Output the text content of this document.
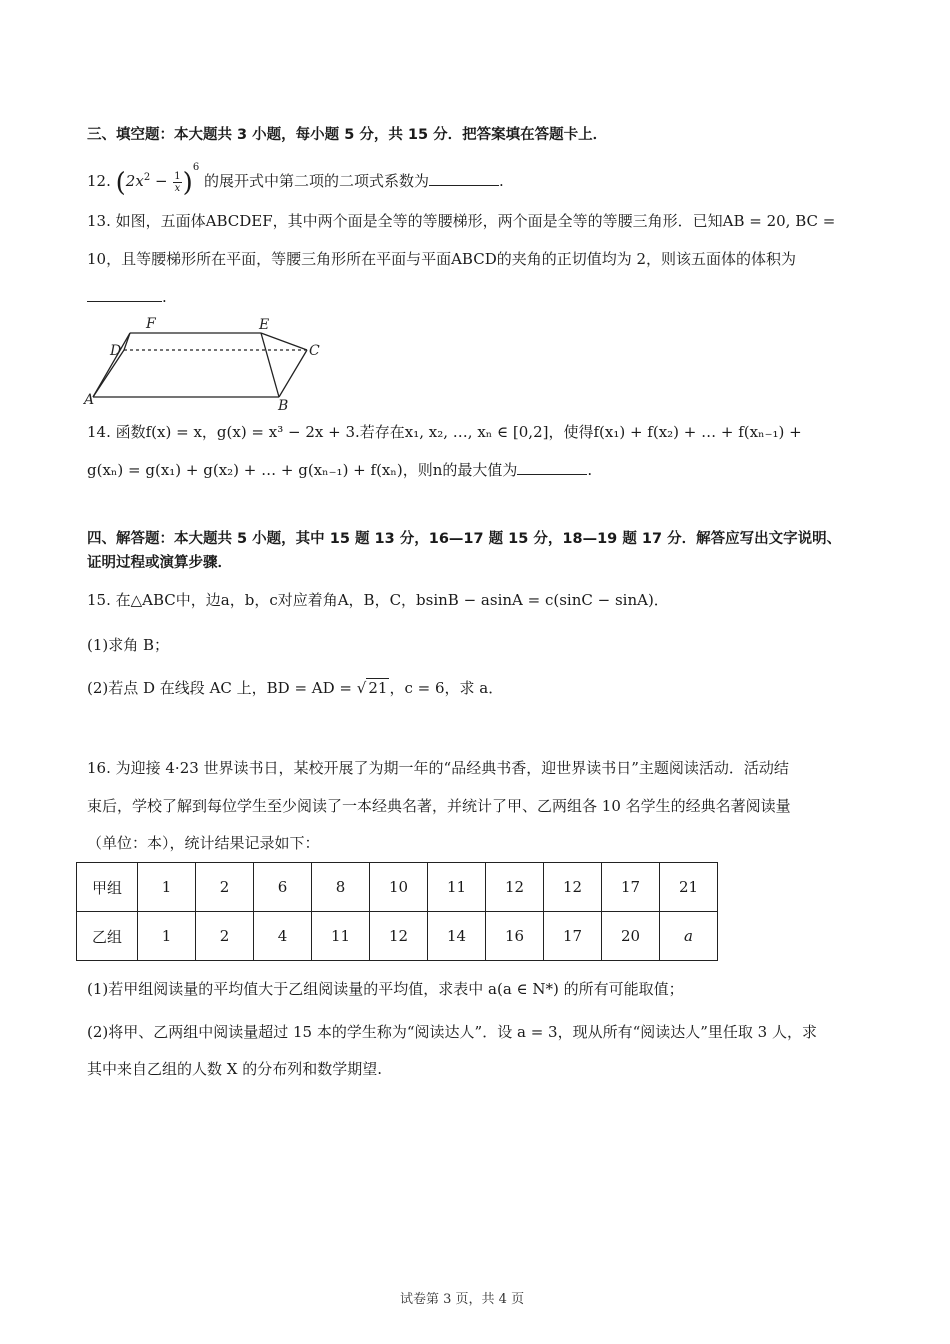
三、填空题：本大题共 3 小题，每小题 5 分，共 15 分．把答案填在答题卡上．
12. $(2x^2 - \frac{1}{x} )^6$ 的展开式中第二项的二项式系数为	.
13. 如图，五面体ABCDEF，其中两个面是全等的等腰梯形，两个面是全等的等腰三角形．已知AB = 20, BC =
10，且等腰梯形所在平面，等腰三角形所在平面与平面ABCD的夹角的正切值均为 2，则该五面体的体积为
.
A	B
C
D
E
F
14. 函数f(x) = x，g(x) = x³ − 2x + 3.若存在x₁, x₂, …, xₙ ∈ [0,2]，使得f(x₁) + f(x₂) + … + f(xₙ₋₁) +
g(xₙ) = g(x₁) + g(x₂) + … + g(xₙ₋₁) + f(xₙ)，则n的最大值为	.
四、解答题：本大题共 5 小题，其中 15 题 13 分，16—17 题 15 分，18—19 题 17 分．解答应写出文字说明、
证明过程或演算步骤．
15. 在△ABC中，边a，b，c对应着角A，B，C，bsinB − asinA = c(sinC − sinA)．
(1)求角 B；
(2)若点 D 在线段 AC 上，BD = AD = √ 21 ，c = 6，求 a．
16. 为迎接 4·23 世界读书日，某校开展了为期一年的“品经典书香，迎世界读书日”主题阅读活动．活动结
束后，学校了解到每位学生至少阅读了一本经典名著，并统计了甲、乙两组各 10 名学生的经典名著阅读量
（单位：本），统计结果记录如下：
甲组	1	2	6	8	10	11	12	12	17	21
乙组	1	2	4	11	12	14	16	17	20	a
(1)若甲组阅读量的平均值大于乙组阅读量的平均值，求表中 a(a ∈ N*) 的所有可能取值；
(2)将甲、乙两组中阅读量超过 15 本的学生称为“阅读达人”．设 a = 3，现从所有“阅读达人”里任取 3 人，求
其中来自乙组的人数 X 的分布列和数学期望.
试卷第 3 页，共 4 页
